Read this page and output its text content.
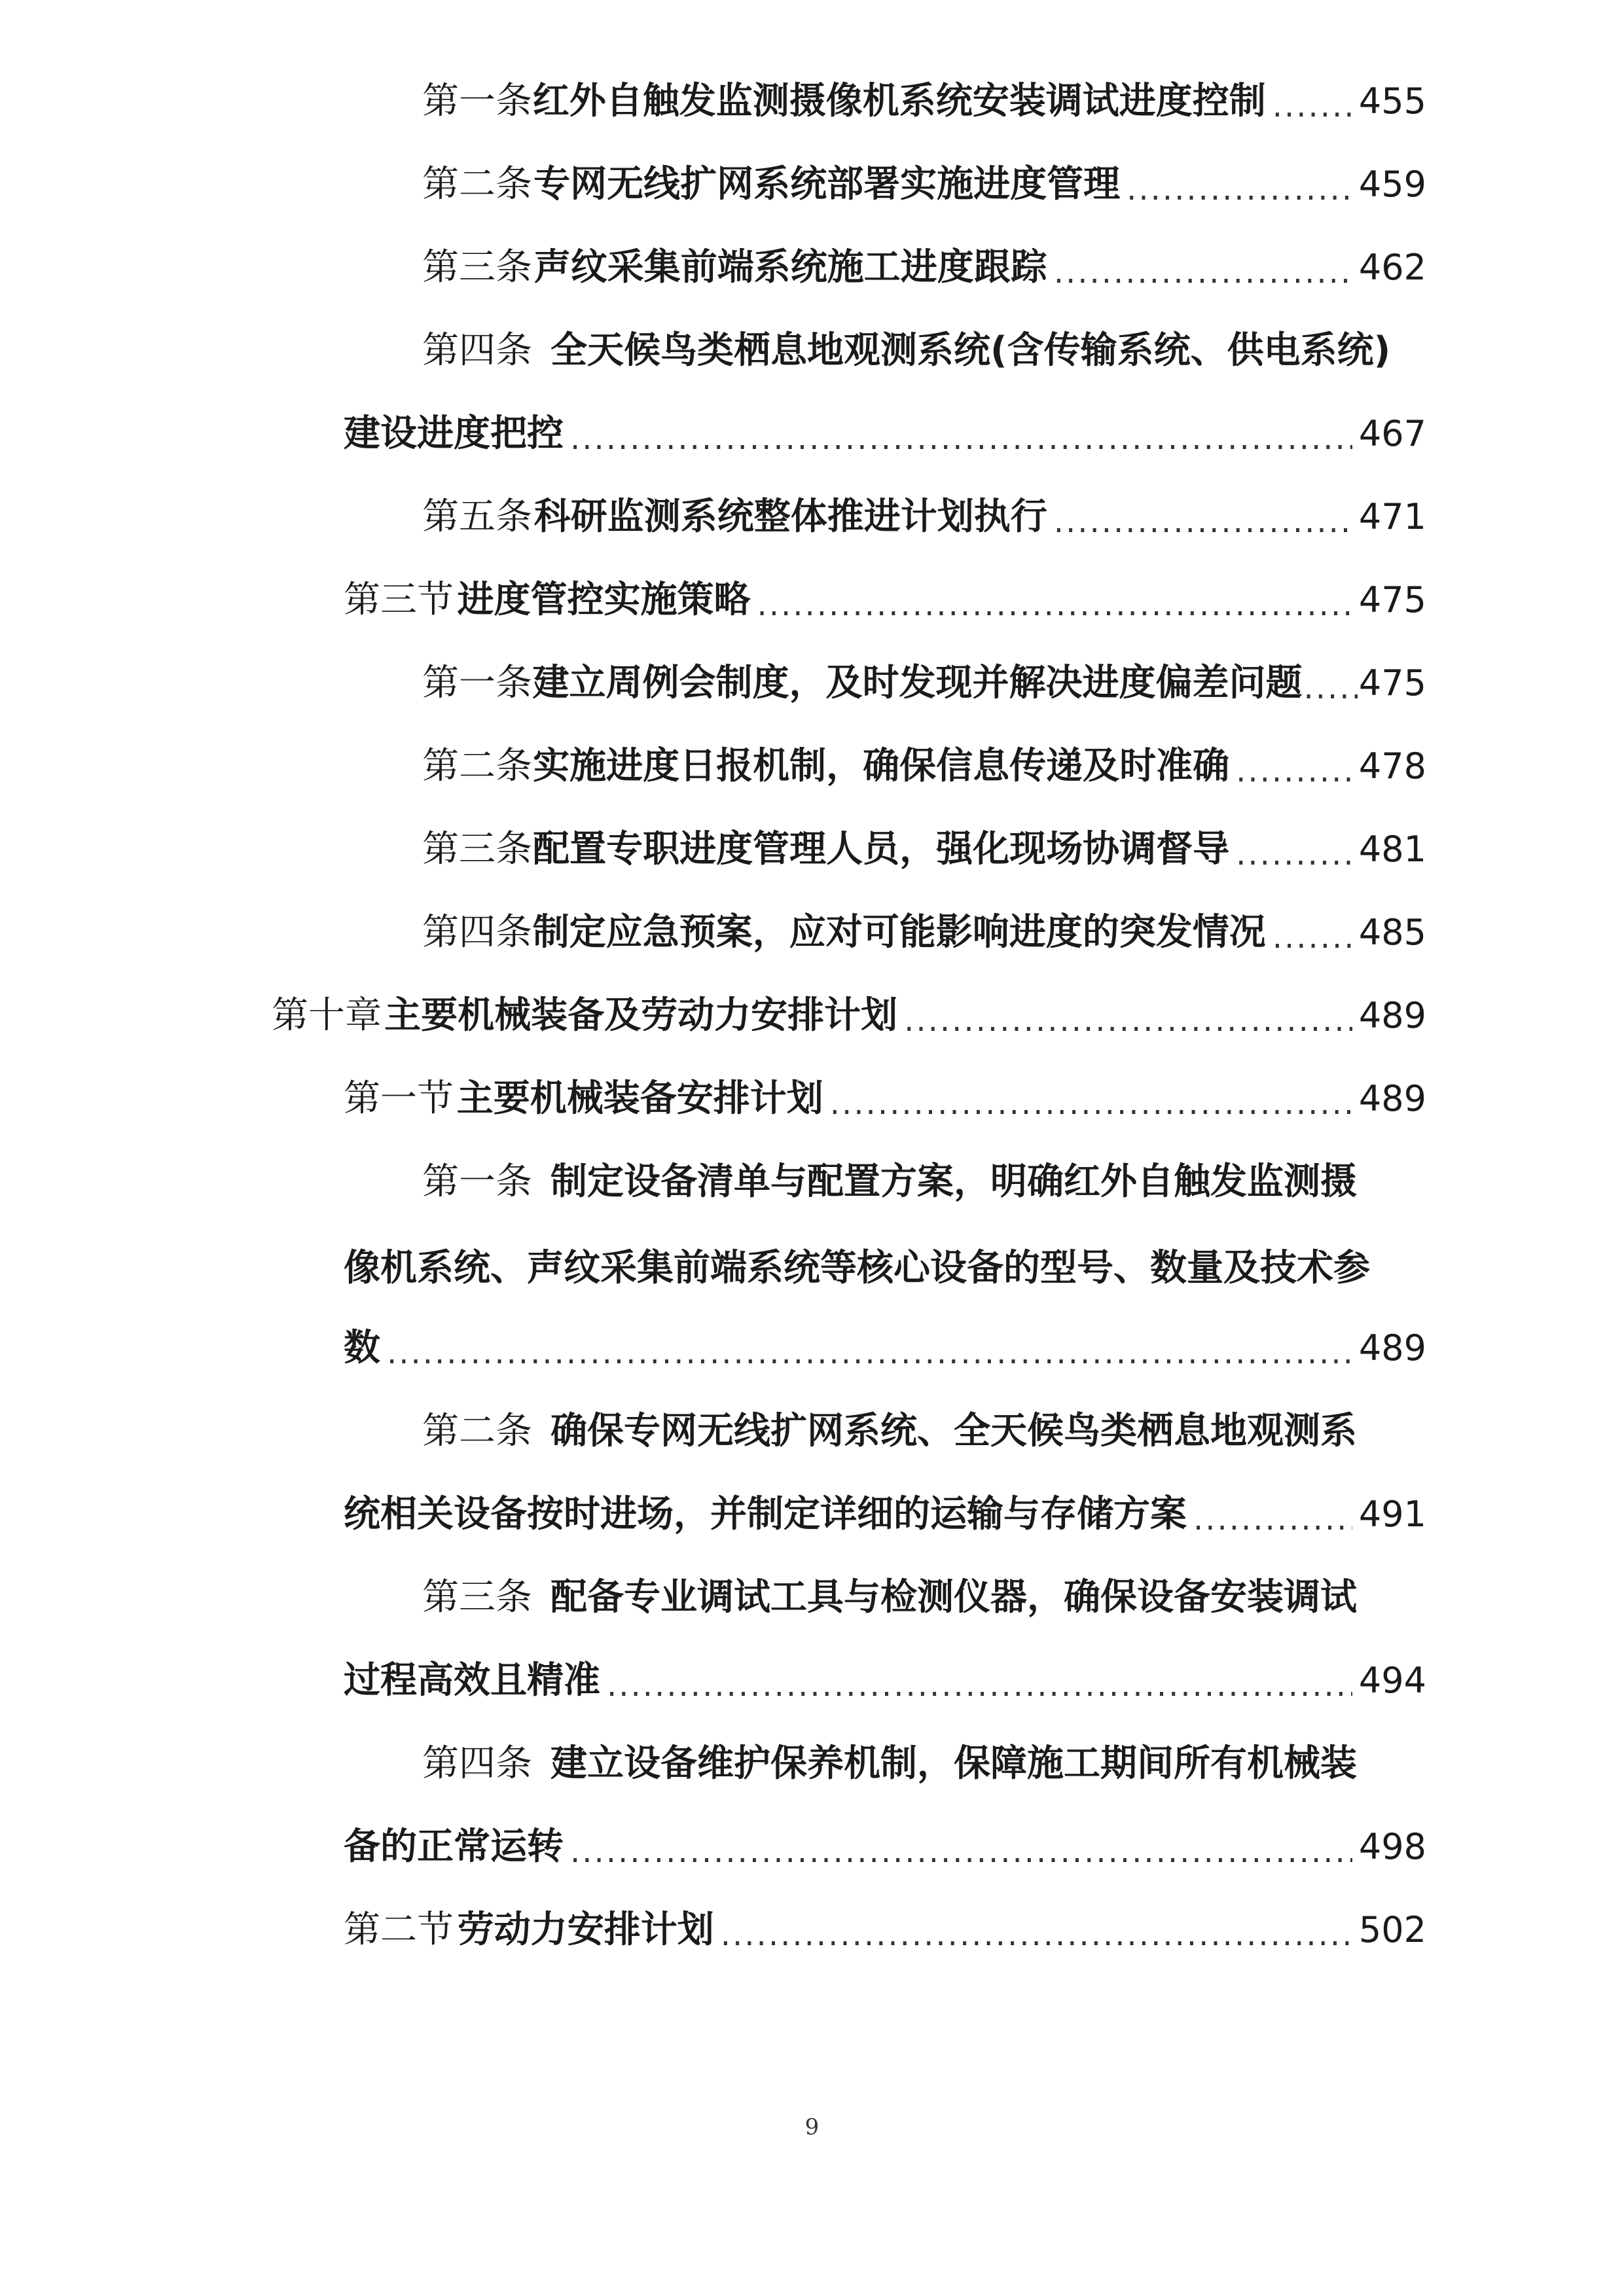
第一条 红外自触发监测摄像机系统安装调试进度控制 .....	455
第二条 专网无线扩网系统部署实施进度管理 .....	459
第三条 声纹采集前端系统施工进度跟踪 .....	462
第四条 全天候鸟类栖息地观测系统(含传输系统、供电系统)
建设进度把控 .....	467
第五条 科研监测系统整体推进计划执行 .....	471
第三节 进度管控实施策略 .....	475
第一条 建立周例会制度，及时发现并解决进度偏差问题 ..... 475
第二条 实施进度日报机制，确保信息传递及时准确 .....	478
第三条 配置专职进度管理人员，强化现场协调督导 .....	481
第四条 制定应急预案，应对可能影响进度的突发情况 .....	485
第十章 主要机械装备及劳动力安排计划 .....	489
第一节 主要机械装备安排计划 .....	489
第一条 制定设备清单与配置方案，明确红外自触发监测摄
像机系统、声纹采集前端系统等核心设备的型号、数量及技术参
数 .....	489
第二条 确保专网无线扩网系统、全天候鸟类栖息地观测系
统相关设备按时进场，并制定详细的运输与存储方案 .....	491
第三条 配备专业调试工具与检测仪器，确保设备安装调试
过程高效且精准 .....	494
第四条 建立设备维护保养机制，保障施工期间所有机械装
备的正常运转 .....	498
第二节 劳动力安排计划 .....	502
9
